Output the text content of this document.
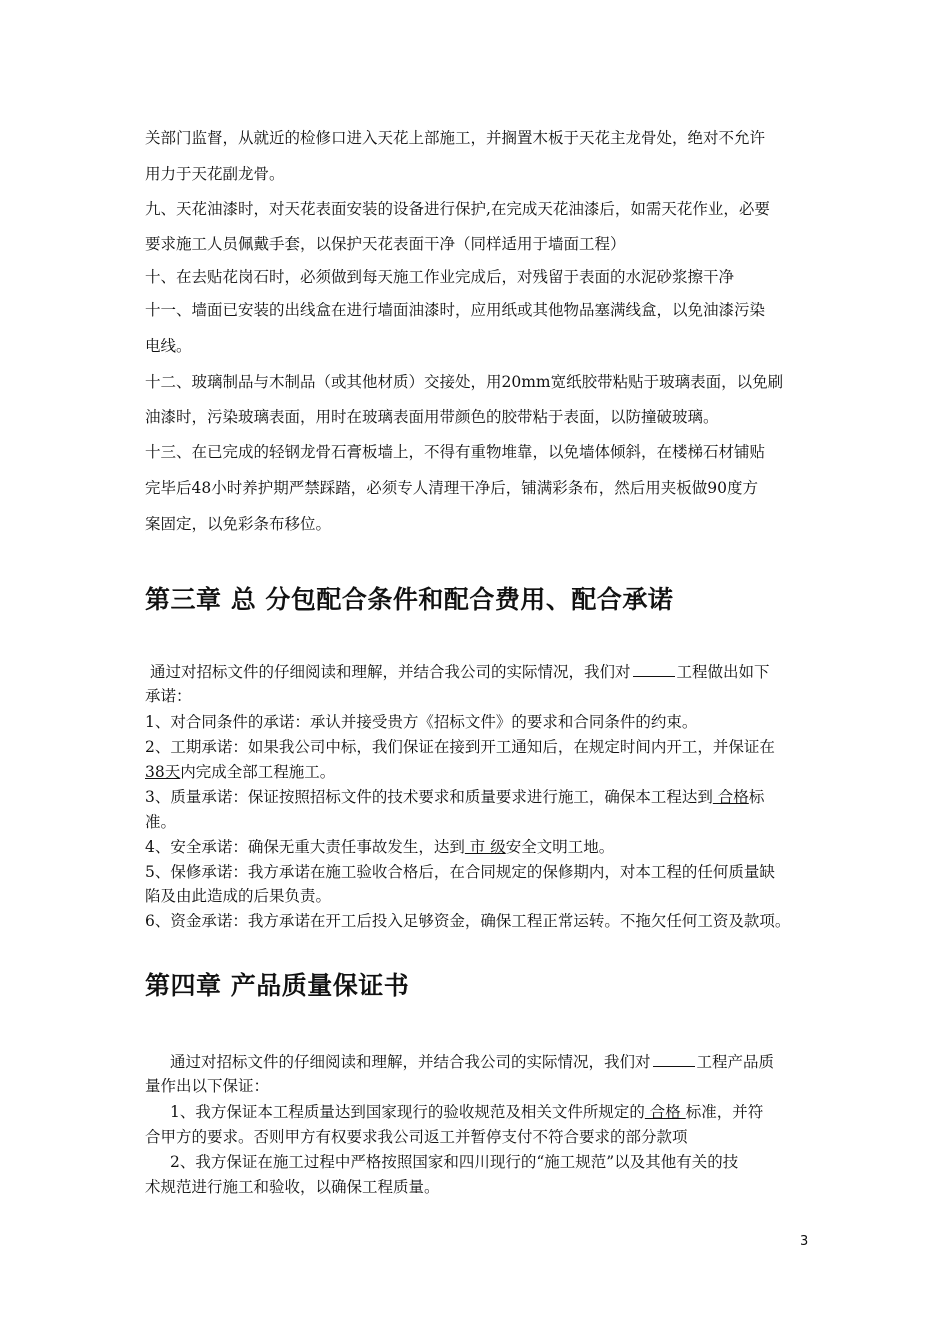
关部门监督，从就近的检修口进入天花上部施工，并搁置木板于天花主龙骨处，绝对不允许
用力于天花副龙骨。
九、天花油漆时，对天花表面安装的设备进行保护,在完成天花油漆后，如需天花作业，必要
要求施工人员佩戴手套，以保护天花表面干净（同样适用于墙面工程）
十、在去贴花岗石时，必须做到每天施工作业完成后，对残留于表面的水泥砂浆擦干净
十一、墙面已安装的出线盒在进行墙面油漆时，应用纸或其他物品塞满线盒，以免油漆污染
电线。
十二、玻璃制品与木制品（或其他材质）交接处，用20mm宽纸胶带粘贴于玻璃表面，以免刷
油漆时，污染玻璃表面，用时在玻璃表面用带颜色的胶带粘于表面，以防撞破玻璃。
十三、在已完成的轻钢龙骨石膏板墙上，不得有重物堆靠，以免墙体倾斜，在楼梯石材铺贴
完毕后48小时养护期严禁踩踏，必须专人清理干净后，铺满彩条布，然后用夹板做90度方
案固定，以免彩条布移位。
第三章 总 分包配合条件和配合费用、配合承诺
通过对招标文件的仔细阅读和理解，并结合我公司的实际情况，我们对	工程做出如下
承诺：
1、对合同条件的承诺：承认并接受贵方《招标文件》的要求和合同条件的约束。
2、工期承诺：如果我公司中标，我们保证在接到开工通知后，在规定时间内开工，并保证在
38天内完成全部工程施工。
3、质量承诺：保证按照招标文件的技术要求和质量要求进行施工，确保本工程达到 合格标
准。
4、安全承诺：确保无重大责任事故发生，达到 市 级安全文明工地。
5、保修承诺：我方承诺在施工验收合格后，在合同规定的保修期内，对本工程的任何质量缺
陷及由此造成的后果负责。
6、资金承诺：我方承诺在开工后投入足够资金，确保工程正常运转。不拖欠任何工资及款项。
第四章 产品质量保证书
通过对招标文件的仔细阅读和理解，并结合我公司的实际情况，我们对	工程产品质
量作出以下保证：
1、我方保证本工程质量达到国家现行的验收规范及相关文件所规定的 合格 标准，并符
合甲方的要求。否则甲方有权要求我公司返工并暂停支付不符合要求的部分款项
2、我方保证在施工过程中严格按照国家和四川现行的“施工规范”以及其他有关的技
术规范进行施工和验收，以确保工程质量。
3
